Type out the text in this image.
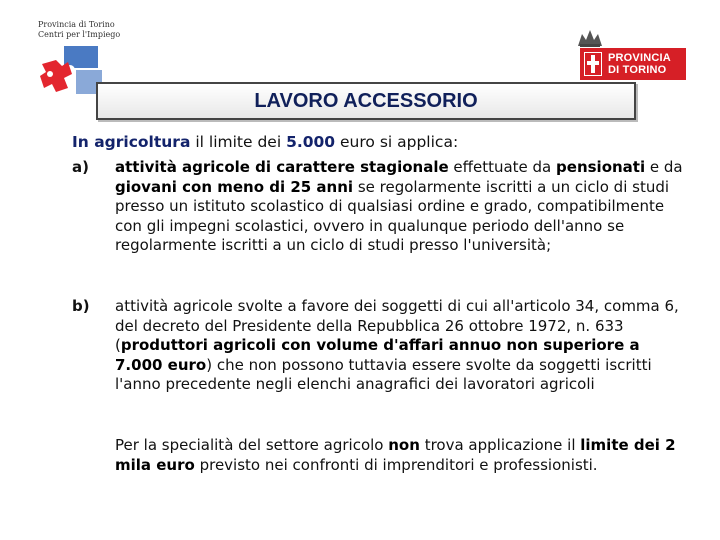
Provincia di Torino
Centri per l'Impiego
PROVINCIA
DI TORINO
LAVORO ACCESSORIO
In agricoltura il limite dei 5.000 euro si applica:
a) attività agricole di carattere stagionale effettuate da pensionati e da giovani con meno di 25 anni se regolarmente iscritti a un ciclo di studi presso un istituto scolastico di qualsiasi ordine e grado, compatibilmente con gli impegni scolastici, ovvero in qualunque periodo dell'anno se regolarmente iscritti a un ciclo di studi presso l'università;
b) attività agricole svolte a favore dei soggetti di cui all'articolo 34, comma 6, del decreto del Presidente della Repubblica 26 ottobre 1972, n. 633 (produttori agricoli con volume d'affari annuo non superiore a 7.000 euro) che non possono tuttavia essere svolte da soggetti iscritti l'anno precedente negli elenchi anagrafici dei lavoratori agricoli
Per la specialità del settore agricolo non trova applicazione il limite dei 2 mila euro previsto nei confronti di imprenditori e professionisti.
